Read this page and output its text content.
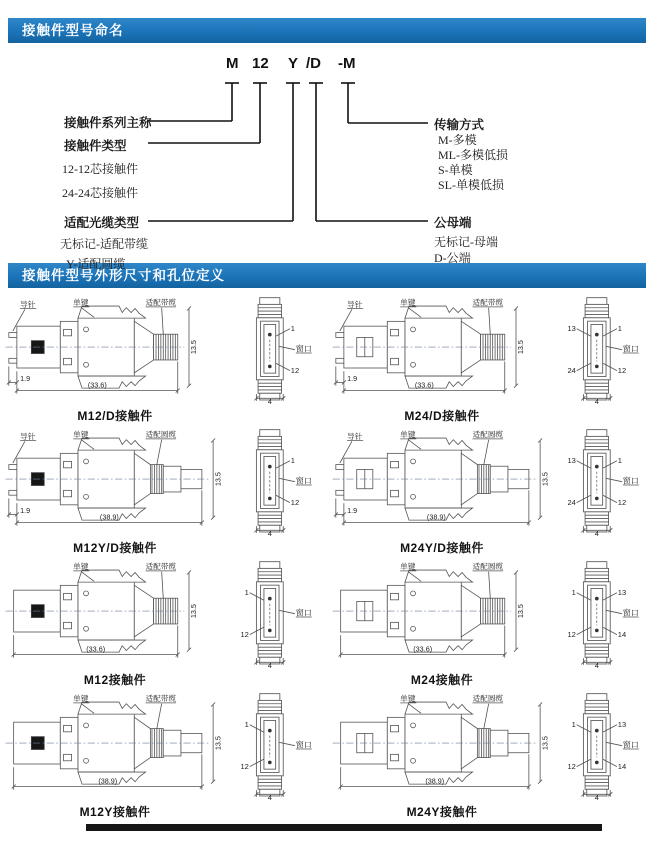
接触件型号命名
M 12 Y /D -M
接触件系列主称
接触件类型
12-12芯接触件
24-24芯接触件
适配光缆类型
无标记-适配带缆
Y-适配圆缆
传输方式
M-多模
ML-多模低损
S-单模
SL-单模低损
公母端
无标记-母端
D-公端
接触件型号外形尺寸和孔位定义
(33.6)
13.5
1.9
导针	单键	适配带缆
4
1
12
窗口
M12/D接触件
(33.6)
13.5
1.9
导针	单键	适配带缆
4
13	1
24	12
窗口
M24/D接触件
(38.9)
13.5
1.9
导针	单键	适配圆缆
4
1
12
窗口
M12Y/D接触件
(38.9)
13.5
1.9
导针	单键	适配圆缆
4
13	1
24	12
窗口
M24Y/D接触件
(33.6)
13.5
单键	适配带缆
4
1
12
窗口
M12接触件
(33.6)
13.5
单键	适配圆缆
4
1	13
12	14
窗口
M24接触件
(38.9)
13.5
单键	适配带缆
4
1
12
窗口
M12Y接触件
(38.9)
13.5
单键	适配圆缆
4
1	13
12	14
窗口
M24Y接触件
